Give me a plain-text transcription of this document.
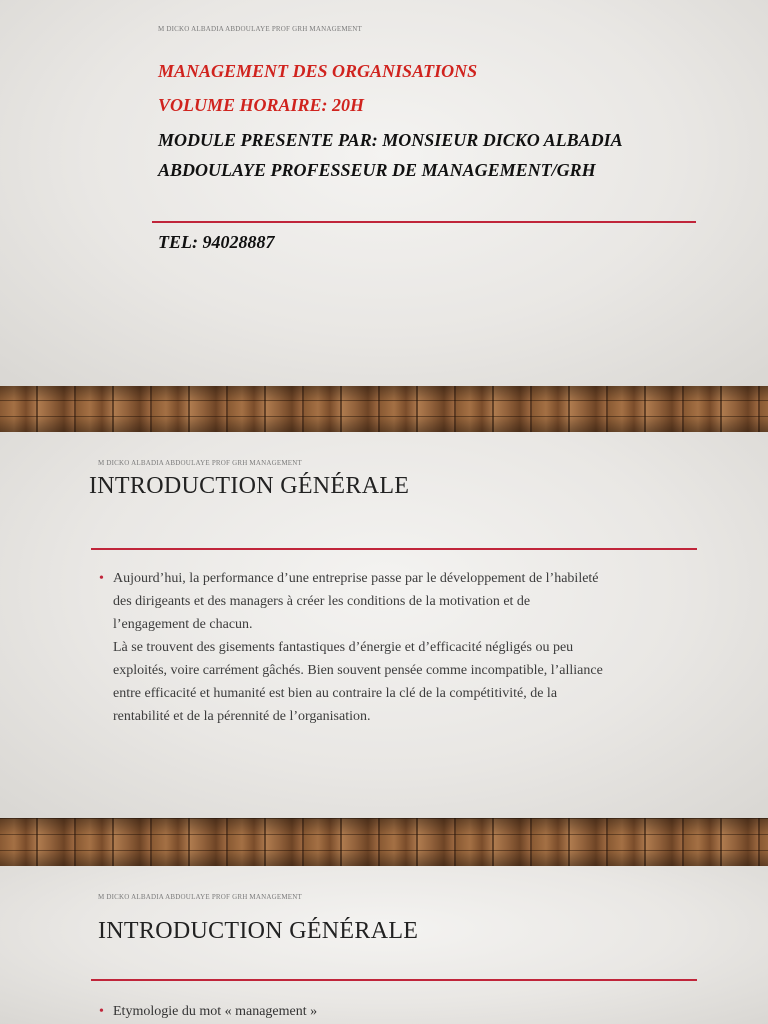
M DICKO ALBADIA ABDOULAYE PROF GRH MANAGEMENT
MANAGEMENT DES ORGANISATIONS
VOLUME HORAIRE: 20H
MODULE PRESENTE PAR: MONSIEUR DICKO ALBADIA
ABDOULAYE PROFESSEUR DE MANAGEMENT/GRH
TEL: 94028887
M DICKO ALBADIA ABDOULAYE PROF GRH MANAGEMENT
INTRODUCTION GÉNÉRALE
• Aujourd’hui, la performance d’une entreprise passe par le développement de l’habileté
des dirigeants et des managers à créer les conditions de la motivation et de
l’engagement de chacun.
Là se trouvent des gisements fantastiques d’énergie et d’efficacité négligés ou peu
exploités, voire carrément gâchés. Bien souvent pensée comme incompatible, l’alliance
entre efficacité et humanité est bien au contraire la clé de la compétitivité, de la
rentabilité et de la pérennité de l’organisation.
M DICKO ALBADIA ABDOULAYE PROF GRH MANAGEMENT
INTRODUCTION GÉNÉRALE
• Etymologie du mot « management »
